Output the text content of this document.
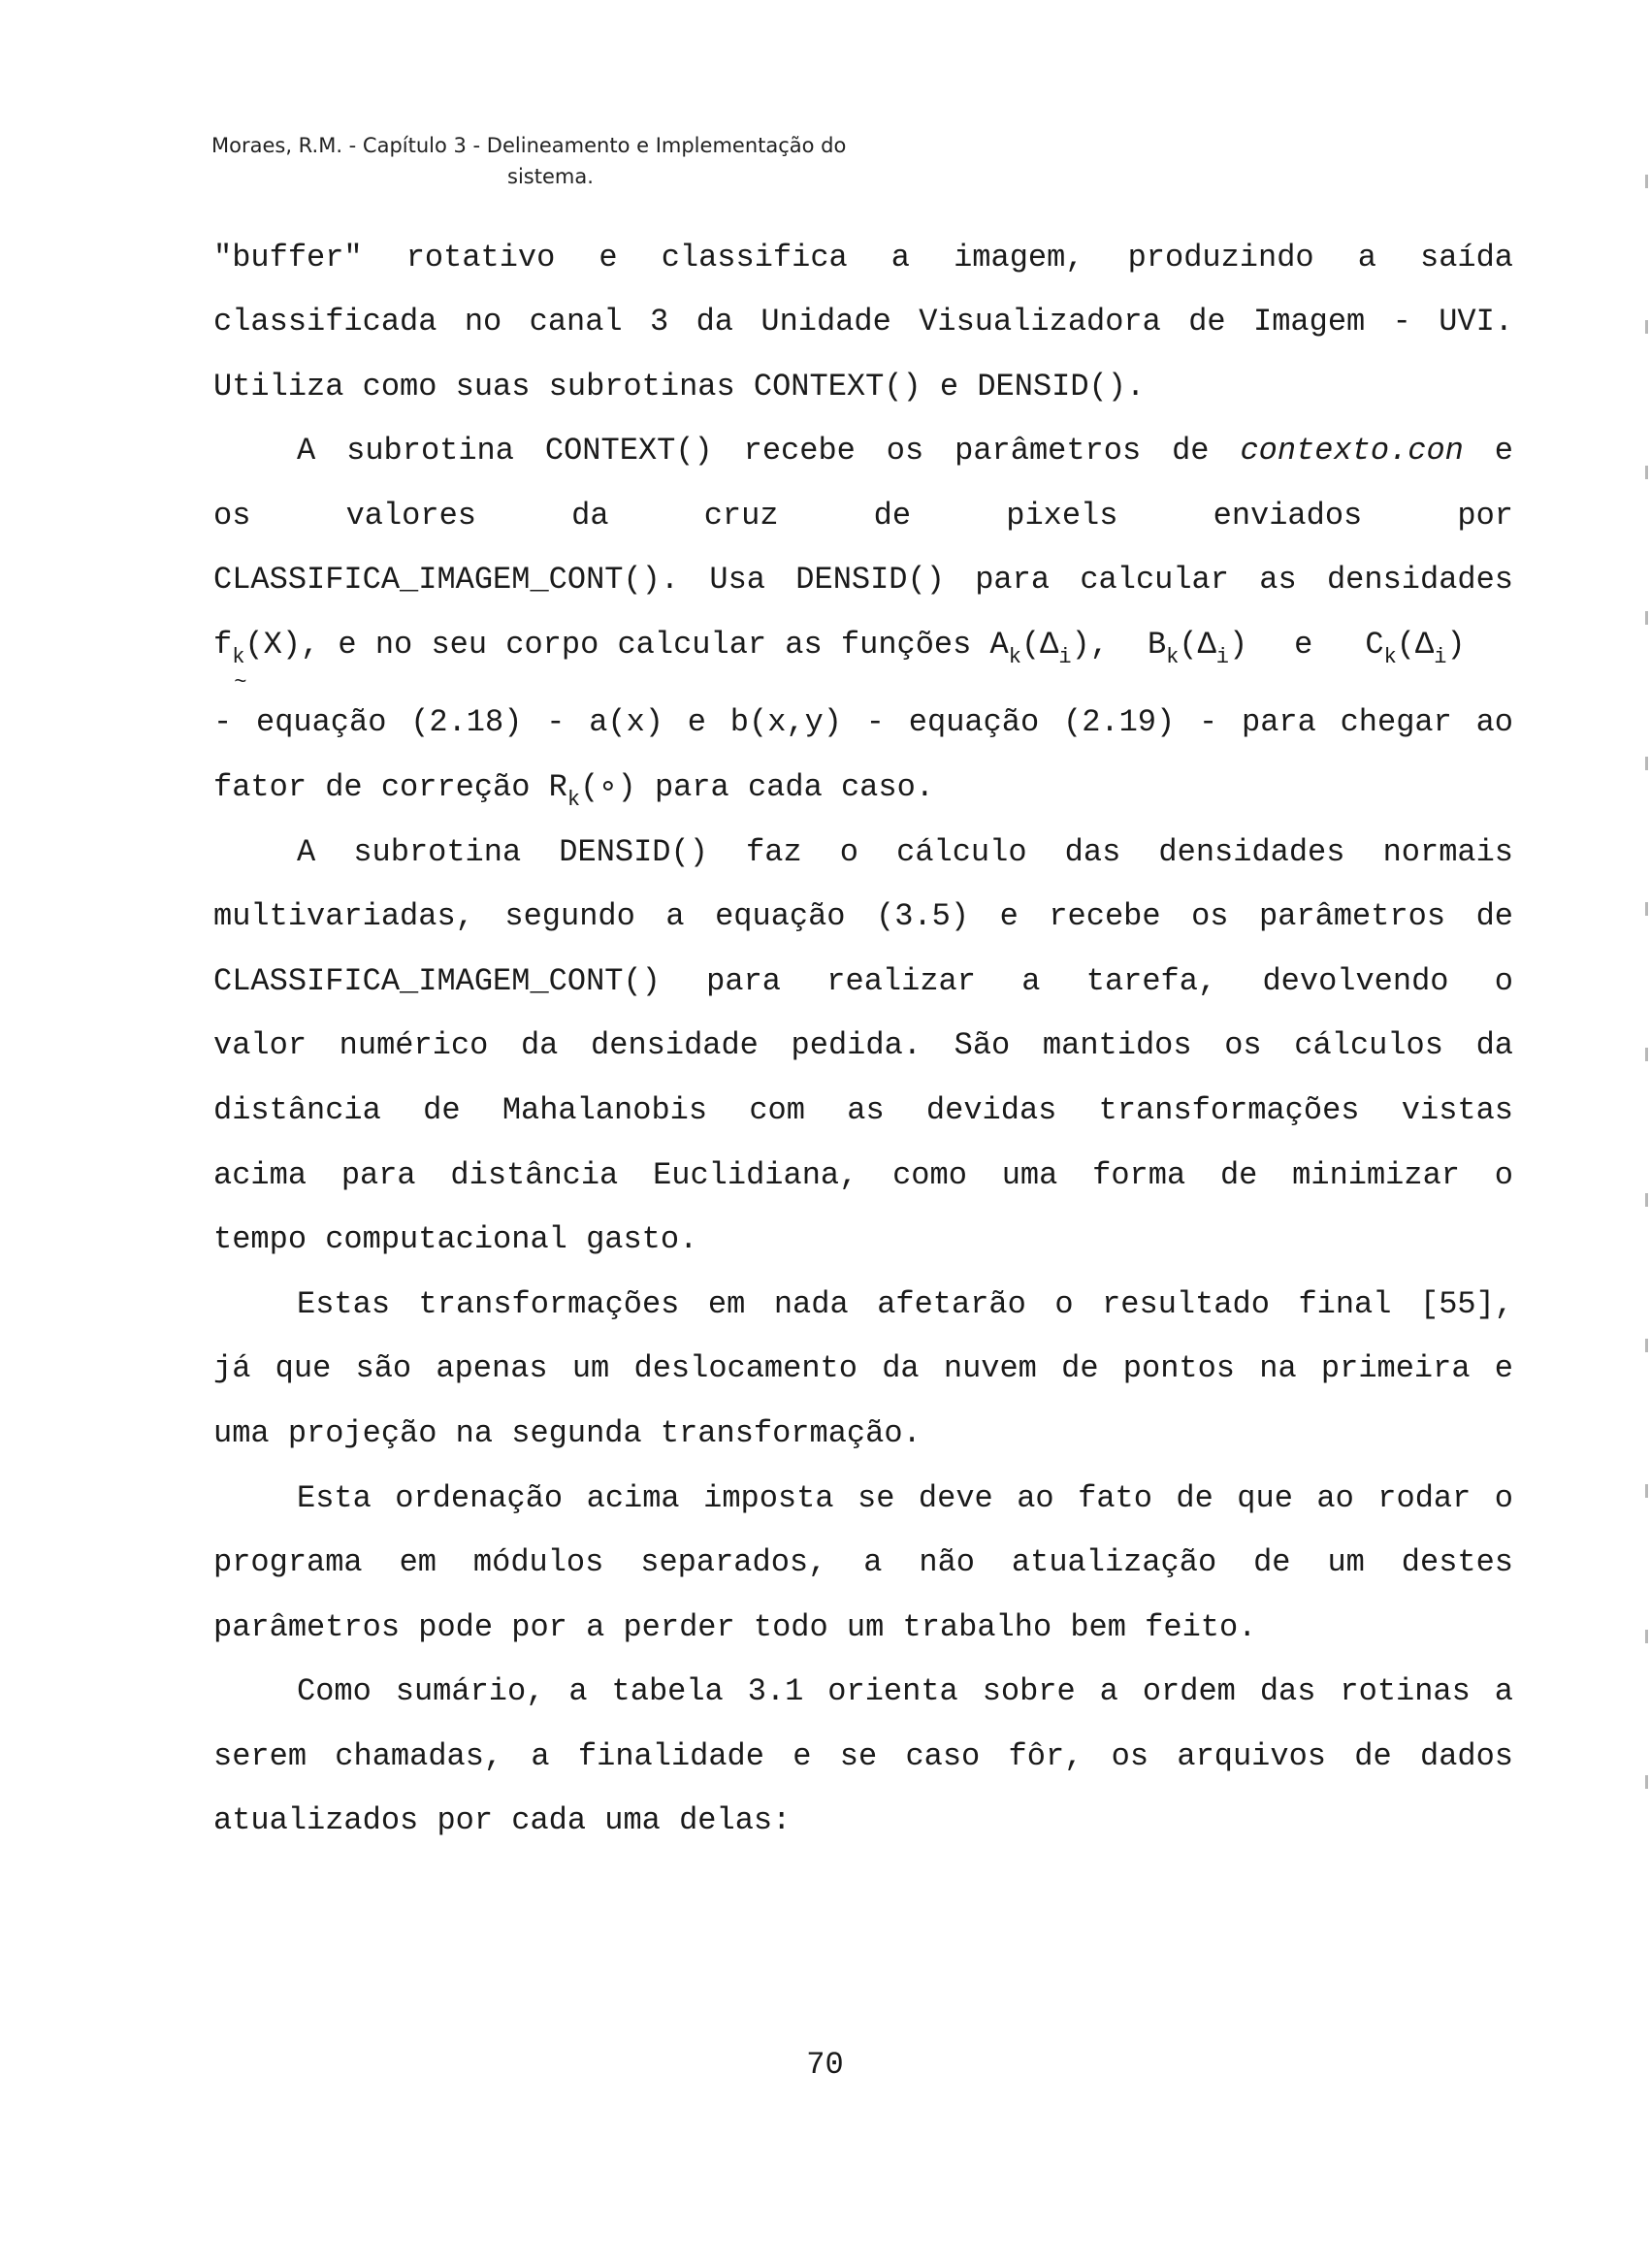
Moraes, R.M. - Capítulo 3 - Delineamento e Implementação do

sistema.
"buffer" rotativo e classifica a imagem, produzindo a saída
classificada no canal 3 da Unidade Visualizadora de Imagem - UVI.
Utiliza como suas subrotinas CONTEXT() e DENSID().
A subrotina CONTEXT() recebe os parâmetros de contexto.con e
os valores da cruz de pixels enviados por
CLASSIFICA_IMAGEM_CONT(). Usa DENSID() para calcular as densidades
$f_k$ ~(X), e no seu corpo calcular as funções $A_k(\Delta_i)$, $B_k(\Delta_i)$ e $C_k(\Delta_i)$
- equação (2.18) - a(x) e b(x,y) - equação (2.19) - para chegar ao
fator de correção $R_k(\circ)$ para cada caso.
A subrotina DENSID() faz o cálculo das densidades normais
multivariadas, segundo a equação (3.5) e recebe os parâmetros de
CLASSIFICA_IMAGEM_CONT() para realizar a tarefa, devolvendo o
valor numérico da densidade pedida. São mantidos os cálculos da
distância de Mahalanobis com as devidas transformações vistas
acima para distância Euclidiana, como uma forma de minimizar o
tempo computacional gasto.
Estas transformações em nada afetarão o resultado final [55],
já que são apenas um deslocamento da nuvem de pontos na primeira e
uma projeção na segunda transformação.
Esta ordenação acima imposta se deve ao fato de que ao rodar o
programa em módulos separados, a não atualização de um destes
parâmetros pode por a perder todo um trabalho bem feito.
Como sumário, a tabela 3.1 orienta sobre a ordem das rotinas a
serem chamadas, a finalidade e se caso fôr, os arquivos de dados
atualizados por cada uma delas:
70
